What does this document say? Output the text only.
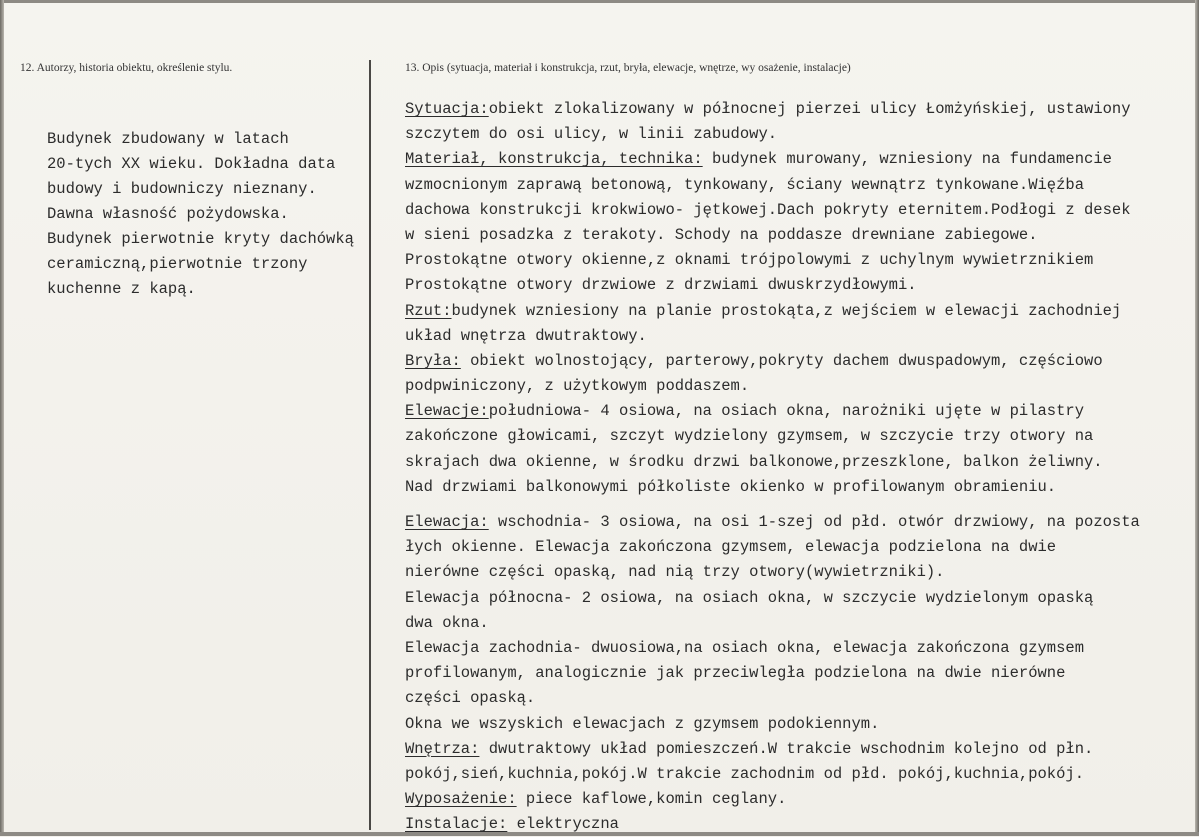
12. Autorzy, historia obiektu, określenie stylu.	13. Opis (sytuacja, materiał i konstrukcja, rzut, bryła, elewacje, wnętrze, wy osażenie, instalacje)
Budynek zbudowany w latach
20-tych XX wieku. Dokładna data
budowy i budowniczy nieznany.
Dawna własność pożydowska.
Budynek pierwotnie kryty dachówką
ceramiczną,pierwotnie trzony
kuchenne z kapą.
Sytuacja:obiekt zlokalizowany w północnej pierzei ulicy Łomżyńskiej, ustawiony
szczytem do osi ulicy, w linii zabudowy.
Materiał, konstrukcja, technika: budynek murowany, wzniesiony na fundamencie
wzmocnionym zaprawą betonową, tynkowany, ściany wewnątrz tynkowane.Więźba
dachowa konstrukcji krokwiowo- jętkowej.Dach pokryty eternitem.Podłogi z desek
w sieni posadzka z terakoty. Schody na poddasze drewniane zabiegowe.
Prostokątne otwory okienne,z oknami trójpolowymi z uchylnym wywietrznikiem
Prostokątne otwory drzwiowe z drzwiami dwuskrzydłowymi.
Rzut:budynek wzniesiony na planie prostokąta,z wejściem w elewacji zachodniej
układ wnętrza dwutraktowy.
Bryła: obiekt wolnostojący, parterowy,pokryty dachem dwuspadowym, częściowo
podpwiniczony, z użytkowym poddaszem.
Elewacje:południowa- 4 osiowa, na osiach okna, narożniki ujęte w pilastry
zakończone głowicami, szczyt wydzielony gzymsem, w szczycie trzy otwory na
skrajach dwa okienne, w środku drzwi balkonowe,przeszklone, balkon żeliwny.
Nad drzwiami balkonowymi półkoliste okienko w profilowanym obramieniu.
Elewacja: wschodnia- 3 osiowa, na osi 1-szej od płd. otwór drzwiowy, na pozosta
łych okienne. Elewacja zakończona gzymsem, elewacja podzielona na dwie
nierówne części opaską, nad nią trzy otwory(wywietrzniki).
Elewacja północna- 2 osiowa, na osiach okna, w szczycie wydzielonym opaską
dwa okna.
Elewacja zachodnia- dwuosiowa,na osiach okna, elewacja zakończona gzymsem
profilowanym, analogicznie jak przeciwległa podzielona na dwie nierówne
części opaską.
Okna we wszyskich elewacjach z gzymsem podokiennym.
Wnętrza: dwutraktowy układ pomieszczeń.W trakcie wschodnim kolejno od płn.
pokój,sień,kuchnia,pokój.W trakcie zachodnim od płd. pokój,kuchnia,pokój.
Wyposażenie: piece kaflowe,komin ceglany.
Instalacje: elektryczna
